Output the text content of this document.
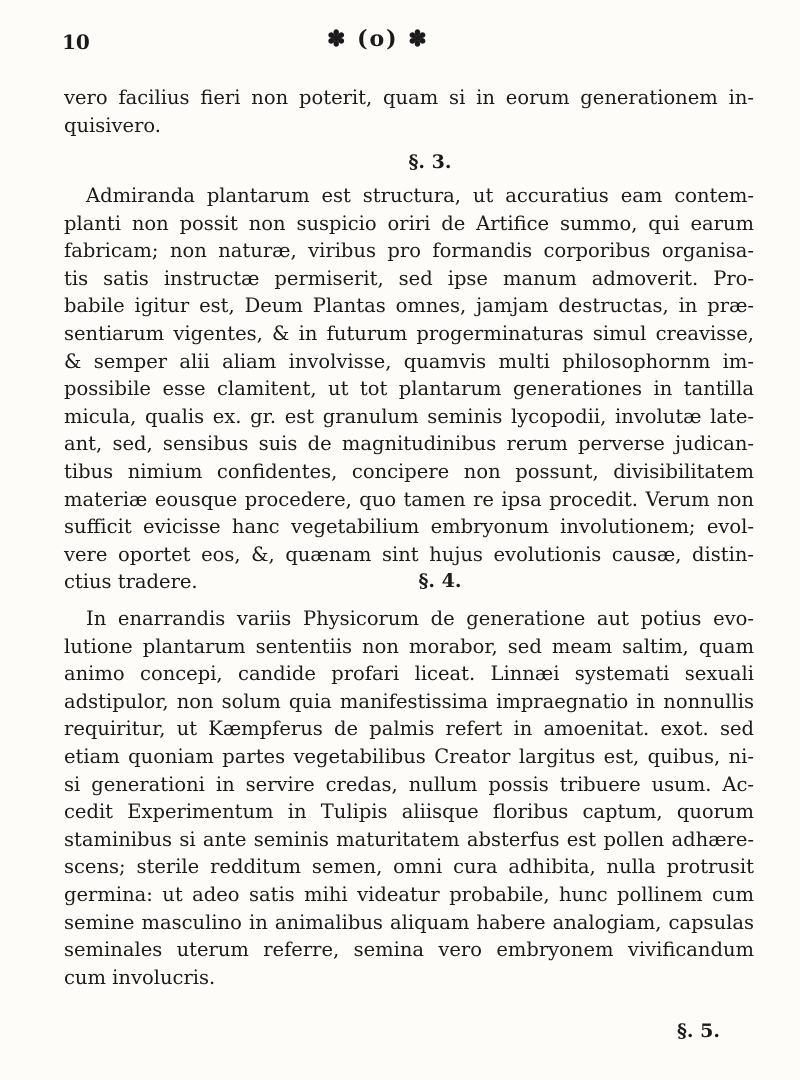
10	✽ (o) ✽
vero facilius fieri non poterit, quam si in eorum generationem in-
quisivero.
§. 3.
Admiranda plantarum est structura, ut accuratius eam contem-
planti non possit non suspicio oriri de Artifice summo, qui earum
fabricam; non naturæ, viribus pro formandis corporibus organisa-
tis satis instructæ permiserit, sed ipse manum admoverit. Pro-
babile igitur est, Deum Plantas omnes, jamjam destructas, in præ-
sentiarum vigentes, & in futurum progerminaturas simul creavisse,
& semper alii aliam involvisse, quamvis multi philosophornm im-
possibile esse clamitent, ut tot plantarum generationes in tantilla
micula, qualis ex. gr. est granulum seminis lycopodii, involutæ late-
ant, sed, sensibus suis de magnitudinibus rerum perverse judican-
tibus nimium confidentes, concipere non possunt, divisibilitatem
materiæ eousque procedere, quo tamen re ipsa procedit. Verum non
sufficit evicisse hanc vegetabilium embryonum involutionem; evol-
vere oportet eos, &, quænam sint hujus evolutionis causæ, distin-
ctius tradere.	§. 4.
In enarrandis variis Physicorum de generatione aut potius evo-
lutione plantarum sententiis non morabor, sed meam saltim, quam
animo concepi, candide profari liceat. Linnæi systemati sexuali
adstipulor, non solum quia manifestissima impraegnatio in nonnullis
requiritur, ut Kæmpferus de palmis refert in amoenitat. exot. sed
etiam quoniam partes vegetabilibus Creator largitus est, quibus, ni-
si generationi in servire credas, nullum possis tribuere usum. Ac-
cedit Experimentum in Tulipis aliisque floribus captum, quorum
staminibus si ante seminis maturitatem absterfus est pollen adhære-
scens; sterile redditum semen, omni cura adhibita, nulla protrusit
germina: ut adeo satis mihi videatur probabile, hunc pollinem cum
semine masculino in animalibus aliquam habere analogiam, capsulas
seminales uterum referre, semina vero embryonem vivificandum
cum involucris.
§. 5.
